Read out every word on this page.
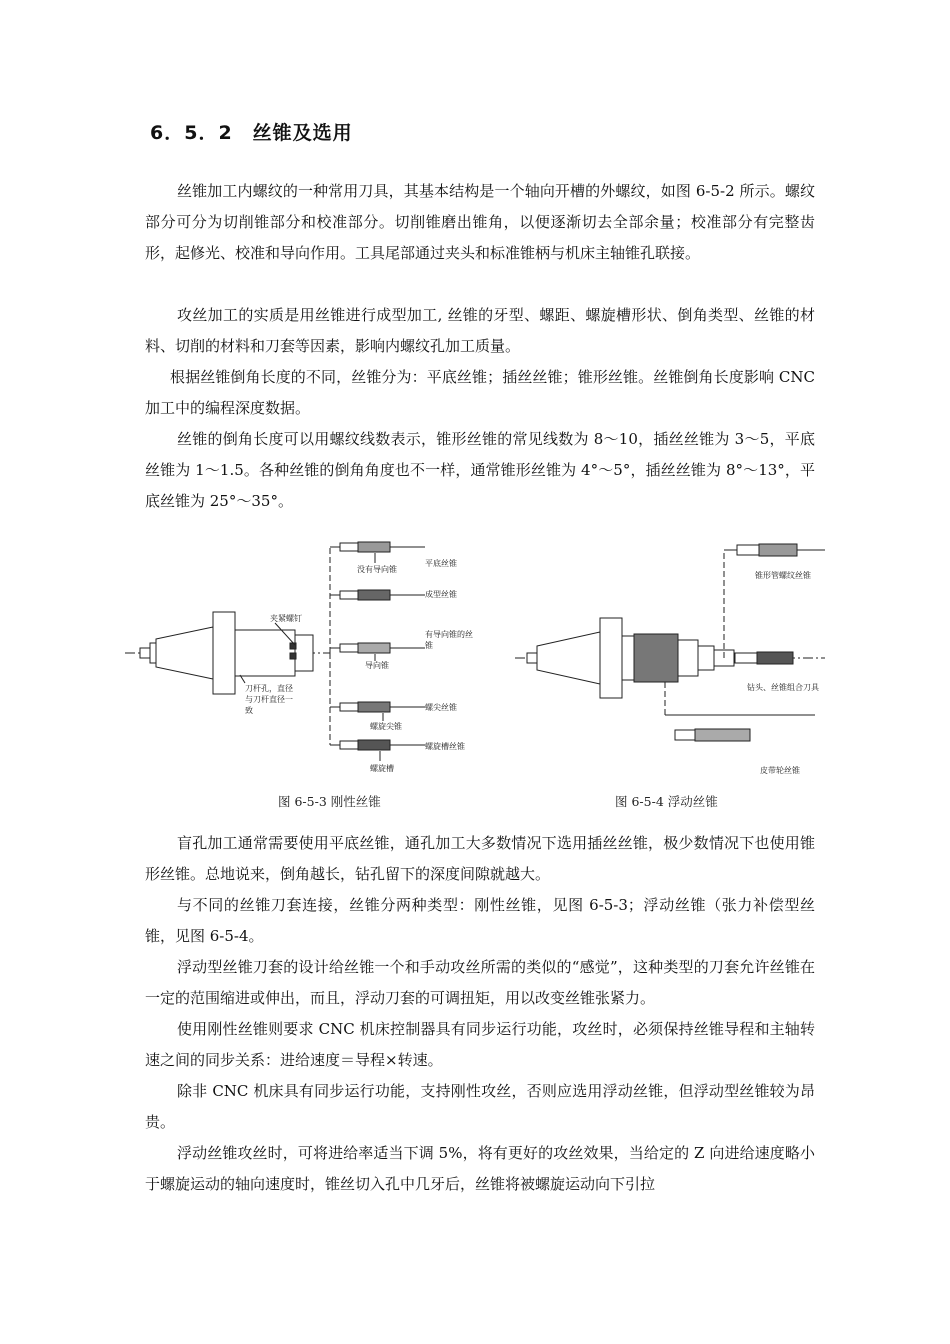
6．5．2　丝锥及选用

丝锥加工内螺纹的一种常用刀具，其基本结构是一个轴向开槽的外螺纹，如图 6-5-2 所示。螺纹部分可分为切削锥部分和校准部分。切削锥磨出锥角，以便逐渐切去全部余量；校准部分有完整齿形，起修光、校准和导向作用。工具尾部通过夹头和标准锥柄与机床主轴锥孔联接。

攻丝加工的实质是用丝锥进行成型加工, 丝锥的牙型、螺距、螺旋槽形状、倒角类型、丝锥的材料、切削的材料和刀套等因素，影响内螺纹孔加工质量。

根据丝锥倒角长度的不同，丝锥分为：平底丝锥；插丝丝锥；锥形丝锥。丝锥倒角长度影响 CNC 加工中的编程深度数据。

丝锥的倒角长度可以用螺纹线数表示，锥形丝锥的常见线数为 8～10，插丝丝锥为 3～5，平底丝锥为 1～1.5。各种丝锥的倒角角度也不一样，通常锥形丝锥为 4°～5°，插丝丝锥为 8°～13°，平底丝锥为 25°～35°。

夹紧螺钉
刀杆孔，直径
与刀杆直径一
致
平底丝锥
没有导向锥
成型丝锥
有导向锥的丝
锥
导向锥
螺尖丝锥
螺旋尖锥
螺旋槽丝锥
螺旋槽
图 6-5-3 刚性丝锥
锥形管螺纹丝锥
钻头、丝锥组合刀具
皮带轮丝锥
图 6-5-4 浮动丝锥

盲孔加工通常需要使用平底丝锥，通孔加工大多数情况下选用插丝丝锥，极少数情况下也使用锥形丝锥。总地说来，倒角越长，钻孔留下的深度间隙就越大。

与不同的丝锥刀套连接，丝锥分两种类型：刚性丝锥，见图 6-5-3；浮动丝锥（张力补偿型丝锥，见图 6-5-4。

浮动型丝锥刀套的设计给丝锥一个和手动攻丝所需的类似的“感觉”，这种类型的刀套允许丝锥在一定的范围缩进或伸出，而且，浮动刀套的可调扭矩，用以改变丝锥张紧力。

使用刚性丝锥则要求 CNC 机床控制器具有同步运行功能，攻丝时，必须保持丝锥导程和主轴转速之间的同步关系：进给速度＝导程×转速。

除非 CNC 机床具有同步运行功能，支持刚性攻丝，否则应选用浮动丝锥，但浮动型丝锥较为昂贵。

浮动丝锥攻丝时，可将进给率适当下调 5%，将有更好的攻丝效果，当给定的 Z 向进给速度略小于螺旋运动的轴向速度时，锥丝切入孔中几牙后，丝锥将被螺旋运动向下引拉
